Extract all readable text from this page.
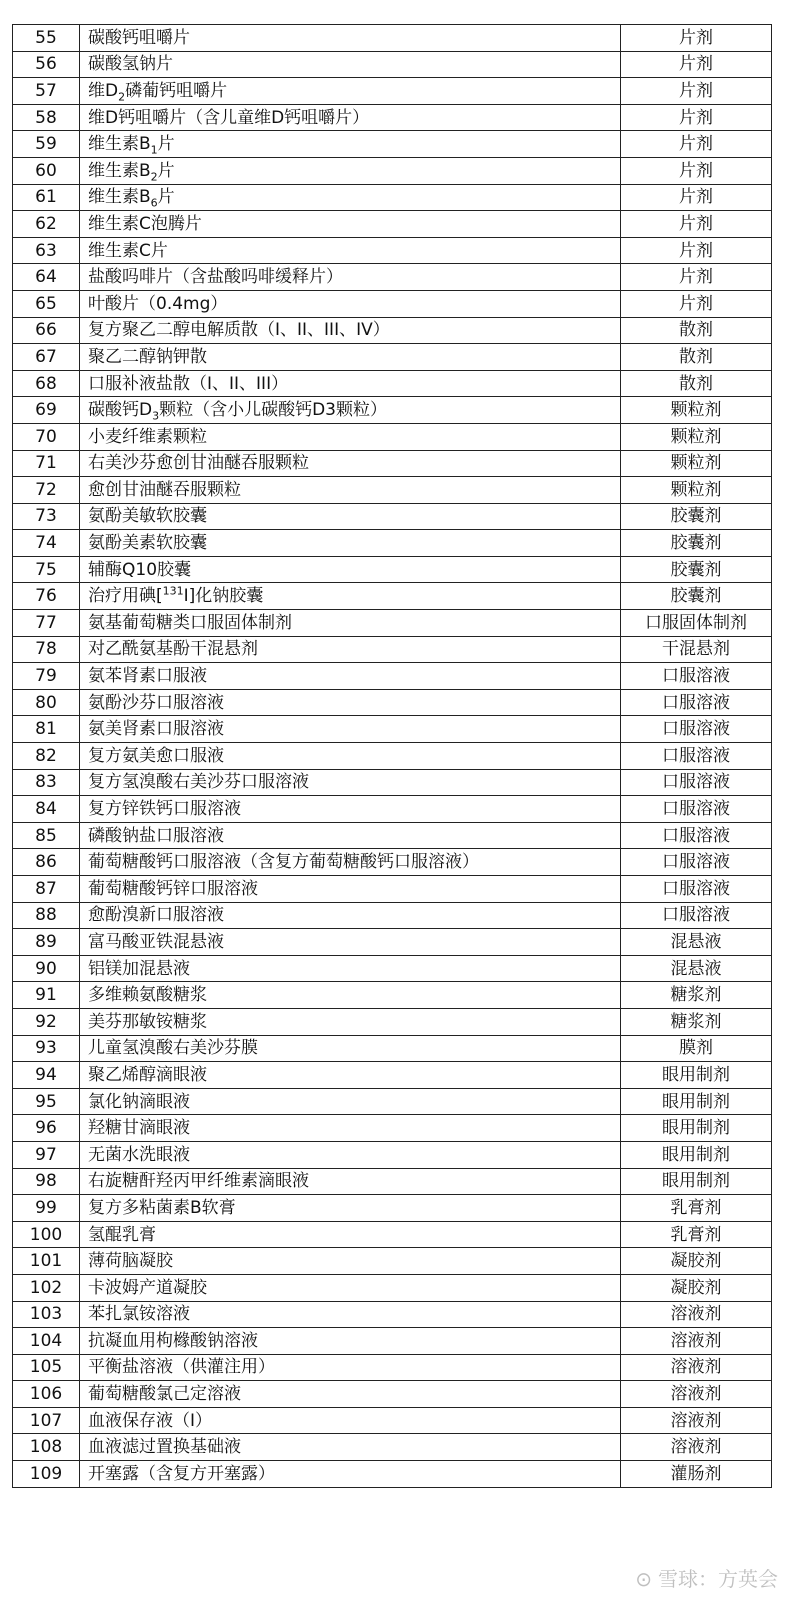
55	碳酸钙咀嚼片	片剂
56	碳酸氢钠片	片剂
57	维$D_2$磷葡钙咀嚼片	片剂
58	维D钙咀嚼片（含儿童维D钙咀嚼片）	片剂
59	维生素$B_1$片	片剂
60	维生素$B_2$片	片剂
61	维生素$B_6$片	片剂
62	维生素C泡腾片	片剂
63	维生素C片	片剂
64	盐酸吗啡片（含盐酸吗啡缓释片）	片剂
65	叶酸片（0.4mg）	片剂
66	复方聚乙二醇电解质散（I、II、III、IV）	散剂
67	聚乙二醇钠钾散	散剂
68	口服补液盐散（I、II、III）	散剂
69	碳酸钙$D_3$颗粒（含小儿碳酸钙D3颗粒）	颗粒剂
70	小麦纤维素颗粒	颗粒剂
71	右美沙芬愈创甘油醚吞服颗粒	颗粒剂
72	愈创甘油醚吞服颗粒	颗粒剂
73	氨酚美敏软胶囊	胶囊剂
74	氨酚美素软胶囊	胶囊剂
75	辅酶Q10胶囊	胶囊剂
76	治疗用碘[$^{131}$I]化钠胶囊	胶囊剂
77	氨基葡萄糖类口服固体制剂	口服固体制剂
78	对乙酰氨基酚干混悬剂	干混悬剂
79	氨苯肾素口服液	口服溶液
80	氨酚沙芬口服溶液	口服溶液
81	氨美肾素口服溶液	口服溶液
82	复方氨美愈口服液	口服溶液
83	复方氢溴酸右美沙芬口服溶液	口服溶液
84	复方锌铁钙口服溶液	口服溶液
85	磷酸钠盐口服溶液	口服溶液
86	葡萄糖酸钙口服溶液（含复方葡萄糖酸钙口服溶液）	口服溶液
87	葡萄糖酸钙锌口服溶液	口服溶液
88	愈酚溴新口服溶液	口服溶液
89	富马酸亚铁混悬液	混悬液
90	铝镁加混悬液	混悬液
91	多维赖氨酸糖浆	糖浆剂
92	美芬那敏铵糖浆	糖浆剂
93	儿童氢溴酸右美沙芬膜	膜剂
94	聚乙烯醇滴眼液	眼用制剂
95	氯化钠滴眼液	眼用制剂
96	羟糖甘滴眼液	眼用制剂
97	无菌水洗眼液	眼用制剂
98	右旋糖酐羟丙甲纤维素滴眼液	眼用制剂
99	复方多粘菌素B软膏	乳膏剂
100	氢醌乳膏	乳膏剂
101	薄荷脑凝胶	凝胶剂
102	卡波姆产道凝胶	凝胶剂
103	苯扎氯铵溶液	溶液剂
104	抗凝血用枸橼酸钠溶液	溶液剂
105	平衡盐溶液（供灌注用）	溶液剂
106	葡萄糖酸氯己定溶液	溶液剂
107	血液保存液（I）	溶液剂
108	血液滤过置换基础液	溶液剂
109	开塞露（含复方开塞露）	灌肠剂
⊙ 雪球：方英会
